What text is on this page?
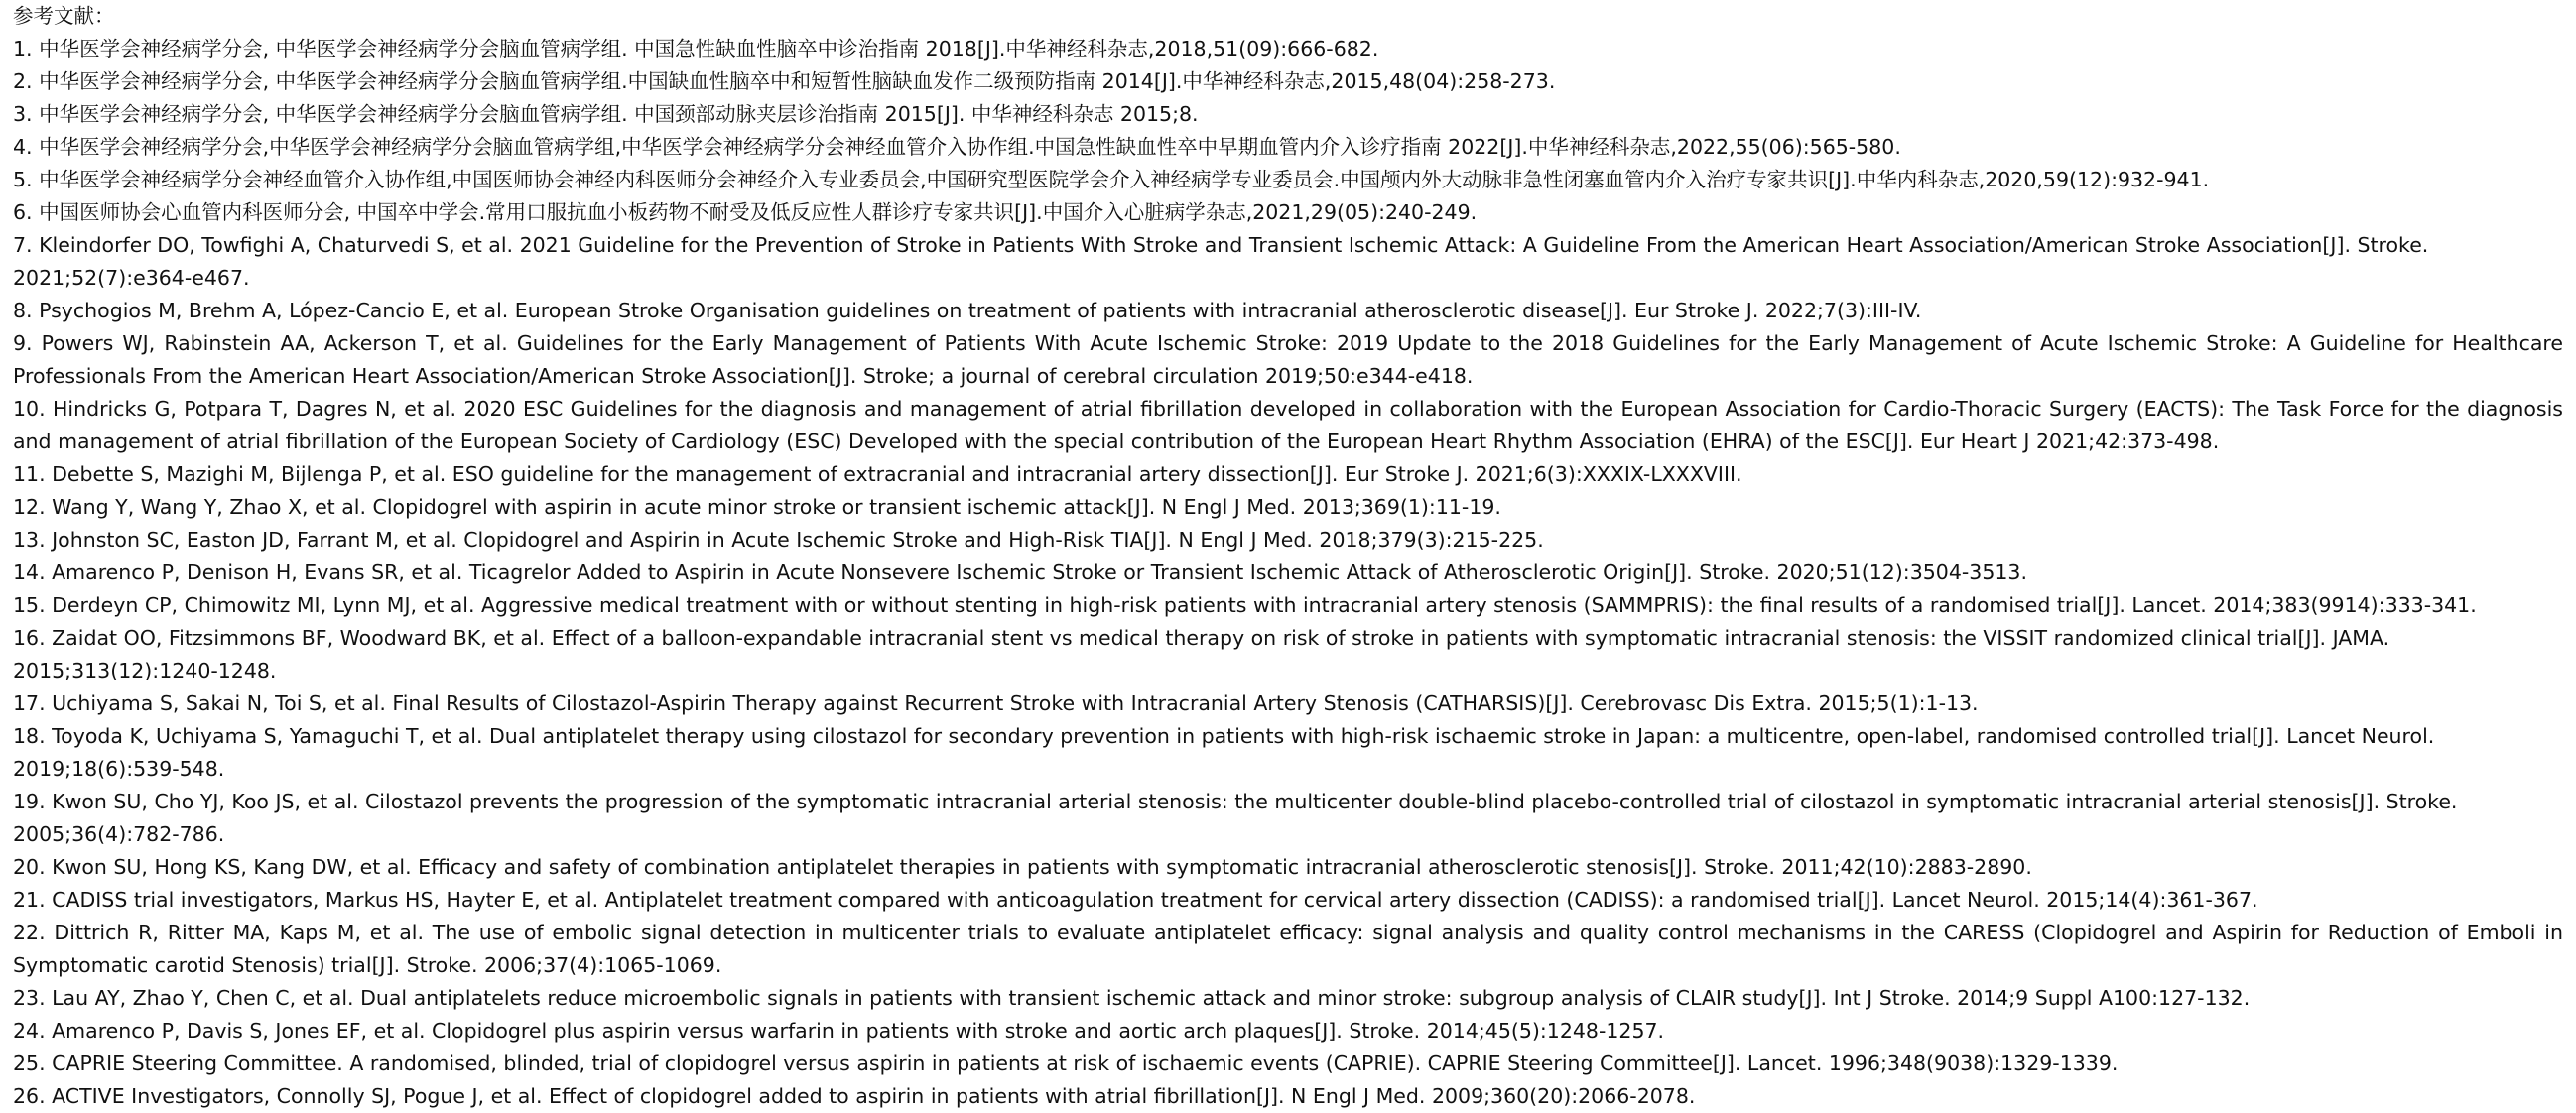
参考文献：
1. 中华医学会神经病学分会, 中华医学会神经病学分会脑血管病学组. 中国急性缺血性脑卒中诊治指南 2018[J].中华神经科杂志,2018,51(09):666-682.
2. 中华医学会神经病学分会, 中华医学会神经病学分会脑血管病学组.中国缺血性脑卒中和短暂性脑缺血发作二级预防指南 2014[J].中华神经科杂志,2015,48(04):258-273.
3. 中华医学会神经病学分会, 中华医学会神经病学分会脑血管病学组. 中国颈部动脉夹层诊治指南 2015[J]. 中华神经科杂志 2015;8.
4. 中华医学会神经病学分会,中华医学会神经病学分会脑血管病学组,中华医学会神经病学分会神经血管介入协作组.中国急性缺血性卒中早期血管内介入诊疗指南 2022[J].中华神经科杂志,2022,55(06):565-580.
5. 中华医学会神经病学分会神经血管介入协作组,中国医师协会神经内科医师分会神经介入专业委员会,中国研究型医院学会介入神经病学专业委员会.中国颅内外大动脉非急性闭塞血管内介入治疗专家共识[J].中华内科杂志,2020,59(12):932-941.
6. 中国医师协会心血管内科医师分会, 中国卒中学会.常用口服抗血小板药物不耐受及低反应性人群诊疗专家共识[J].中国介入心脏病学杂志,2021,29(05):240-249.
7. Kleindorfer DO, Towfighi A, Chaturvedi S, et al. 2021 Guideline for the Prevention of Stroke in Patients With Stroke and Transient Ischemic Attack: A Guideline From the American Heart Association/American Stroke Association[J]. Stroke. 2021;52(7):e364-e467.
8. Psychogios M, Brehm A, López-Cancio E, et al. European Stroke Organisation guidelines on treatment of patients with intracranial atherosclerotic disease[J]. Eur Stroke J. 2022;7(3):III-IV.
9. Powers WJ, Rabinstein AA, Ackerson T, et al. Guidelines for the Early Management of Patients With Acute Ischemic Stroke: 2019 Update to the 2018 Guidelines for the Early Management of Acute Ischemic Stroke: A Guideline for Healthcare Professionals From the American Heart Association/American Stroke Association[J]. Stroke; a journal of cerebral circulation 2019;50:e344-e418.
10. Hindricks G, Potpara T, Dagres N, et al. 2020 ESC Guidelines for the diagnosis and management of atrial fibrillation developed in collaboration with the European Association for Cardio-Thoracic Surgery (EACTS): The Task Force for the diagnosis and management of atrial fibrillation of the European Society of Cardiology (ESC) Developed with the special contribution of the European Heart Rhythm Association (EHRA) of the ESC[J]. Eur Heart J 2021;42:373-498.
11. Debette S, Mazighi M, Bijlenga P, et al. ESO guideline for the management of extracranial and intracranial artery dissection[J]. Eur Stroke J. 2021;6(3):XXXIX-LXXXVIII.
12. Wang Y, Wang Y, Zhao X, et al. Clopidogrel with aspirin in acute minor stroke or transient ischemic attack[J]. N Engl J Med. 2013;369(1):11-19.
13. Johnston SC, Easton JD, Farrant M, et al. Clopidogrel and Aspirin in Acute Ischemic Stroke and High-Risk TIA[J]. N Engl J Med. 2018;379(3):215-225.
14. Amarenco P, Denison H, Evans SR, et al. Ticagrelor Added to Aspirin in Acute Nonsevere Ischemic Stroke or Transient Ischemic Attack of Atherosclerotic Origin[J]. Stroke. 2020;51(12):3504-3513.
15. Derdeyn CP, Chimowitz MI, Lynn MJ, et al. Aggressive medical treatment with or without stenting in high-risk patients with intracranial artery stenosis (SAMMPRIS): the final results of a randomised trial[J]. Lancet. 2014;383(9914):333-341.
16. Zaidat OO, Fitzsimmons BF, Woodward BK, et al. Effect of a balloon-expandable intracranial stent vs medical therapy on risk of stroke in patients with symptomatic intracranial stenosis: the VISSIT randomized clinical trial[J]. JAMA. 2015;313(12):1240-1248.
17. Uchiyama S, Sakai N, Toi S, et al. Final Results of Cilostazol-Aspirin Therapy against Recurrent Stroke with Intracranial Artery Stenosis (CATHARSIS)[J]. Cerebrovasc Dis Extra. 2015;5(1):1-13.
18. Toyoda K, Uchiyama S, Yamaguchi T, et al. Dual antiplatelet therapy using cilostazol for secondary prevention in patients with high-risk ischaemic stroke in Japan: a multicentre, open-label, randomised controlled trial[J]. Lancet Neurol. 2019;18(6):539-548.
19. Kwon SU, Cho YJ, Koo JS, et al. Cilostazol prevents the progression of the symptomatic intracranial arterial stenosis: the multicenter double-blind placebo-controlled trial of cilostazol in symptomatic intracranial arterial stenosis[J]. Stroke. 2005;36(4):782-786.
20. Kwon SU, Hong KS, Kang DW, et al. Efficacy and safety of combination antiplatelet therapies in patients with symptomatic intracranial atherosclerotic stenosis[J]. Stroke. 2011;42(10):2883-2890.
21. CADISS trial investigators, Markus HS, Hayter E, et al. Antiplatelet treatment compared with anticoagulation treatment for cervical artery dissection (CADISS): a randomised trial[J]. Lancet Neurol. 2015;14(4):361-367.
22. Dittrich R, Ritter MA, Kaps M, et al. The use of embolic signal detection in multicenter trials to evaluate antiplatelet efficacy: signal analysis and quality control mechanisms in the CARESS (Clopidogrel and Aspirin for Reduction of Emboli in Symptomatic carotid Stenosis) trial[J]. Stroke. 2006;37(4):1065-1069.
23. Lau AY, Zhao Y, Chen C, et al. Dual antiplatelets reduce microembolic signals in patients with transient ischemic attack and minor stroke: subgroup analysis of CLAIR study[J]. Int J Stroke. 2014;9 Suppl A100:127-132.
24. Amarenco P, Davis S, Jones EF, et al. Clopidogrel plus aspirin versus warfarin in patients with stroke and aortic arch plaques[J]. Stroke. 2014;45(5):1248-1257.
25. CAPRIE Steering Committee. A randomised, blinded, trial of clopidogrel versus aspirin in patients at risk of ischaemic events (CAPRIE). CAPRIE Steering Committee[J]. Lancet. 1996;348(9038):1329-1339.
26. ACTIVE Investigators, Connolly SJ, Pogue J, et al. Effect of clopidogrel added to aspirin in patients with atrial fibrillation[J]. N Engl J Med. 2009;360(20):2066-2078.
